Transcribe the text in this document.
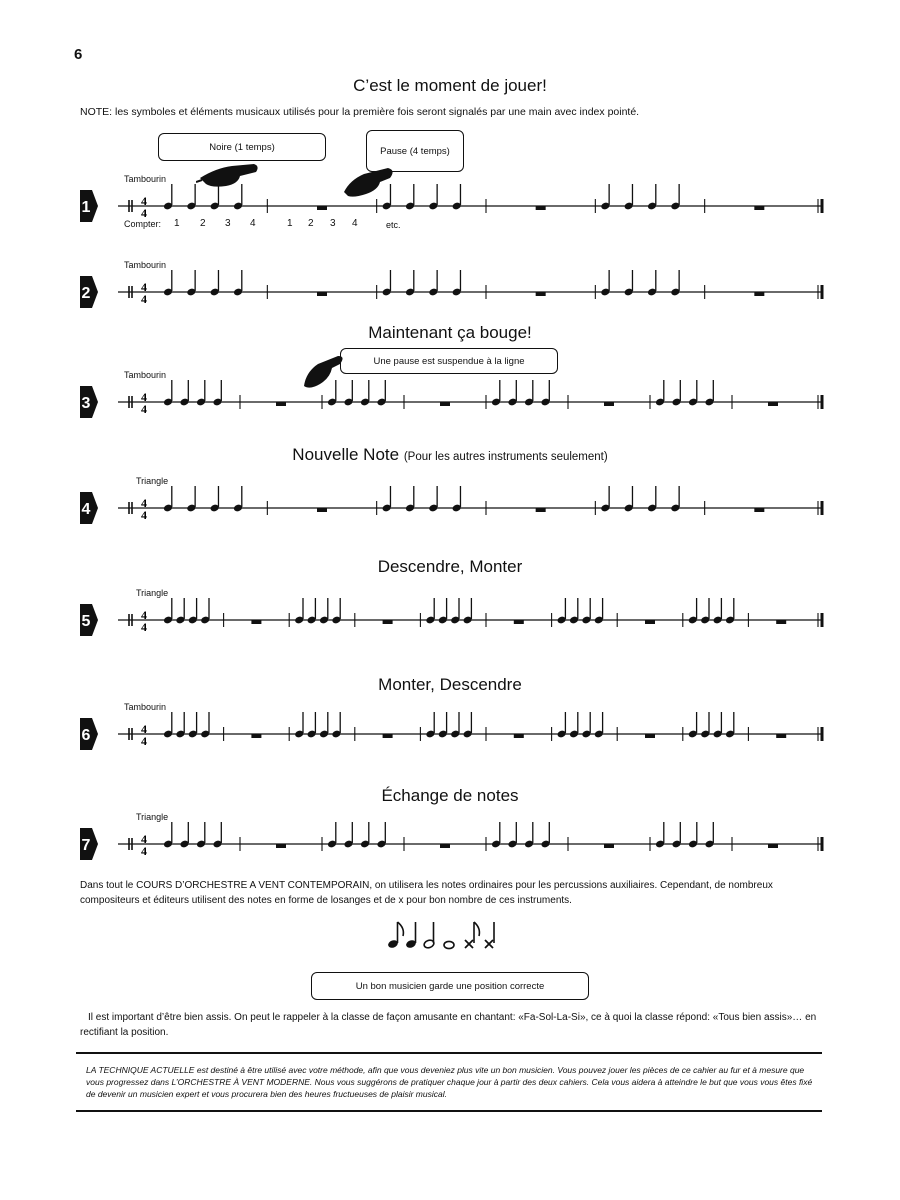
6
C’est le moment de jouer!
NOTE: les symboles et éléments musicaux utilisés pour la première fois seront signalés par une main avec index pointé.
Noire (1 temps)	Pause (4 temps)
1
Tambourin
4
4
Compter: 1 2 3 4	1 2 3 4	etc.
2
Tambourin
4
4
Maintenant ça bouge!
Une pause est suspendue à la ligne
3
Tambourin
4
4
Nouvelle Note (Pour les autres instruments seulement)
4
Triangle
4
4
Descendre, Monter
5
Triangle
4
4
Monter, Descendre
6
Tambourin
4
4
Échange de notes
7
Triangle
4
4
Dans tout le COURS D’ORCHESTRE A VENT CONTEMPORAIN, on utilisera les notes ordinaires pour les percussions auxiliaires. Cependant, de nombreux compositeurs et éditeurs utilisent des notes en forme de losanges et de x pour bon nombre de ces instruments.
Un bon musicien garde une position correcte
Il est important d’être bien assis. On peut le rappeler à la classe de façon amusante en chantant: «Fa-Sol-La-Si», ce à quoi la classe répond: «Tous bien assis»… en rectifiant la position.
LA TECHNIQUE ACTUELLE est destiné à être utilisé avec votre méthode, afin que vous deveniez plus vite un bon musicien. Vous pouvez jouer les pièces de ce cahier au fur et à mesure que vous progressez dans L’ORCHESTRE À VENT MODERNE. Nous vous suggérons de pratiquer chaque jour à partir des deux cahiers. Cela vous aidera à atteindre le but que vous vous êtes fixé de devenir un musicien expert et vous procurera bien des heures fructueuses de plaisir musical.
